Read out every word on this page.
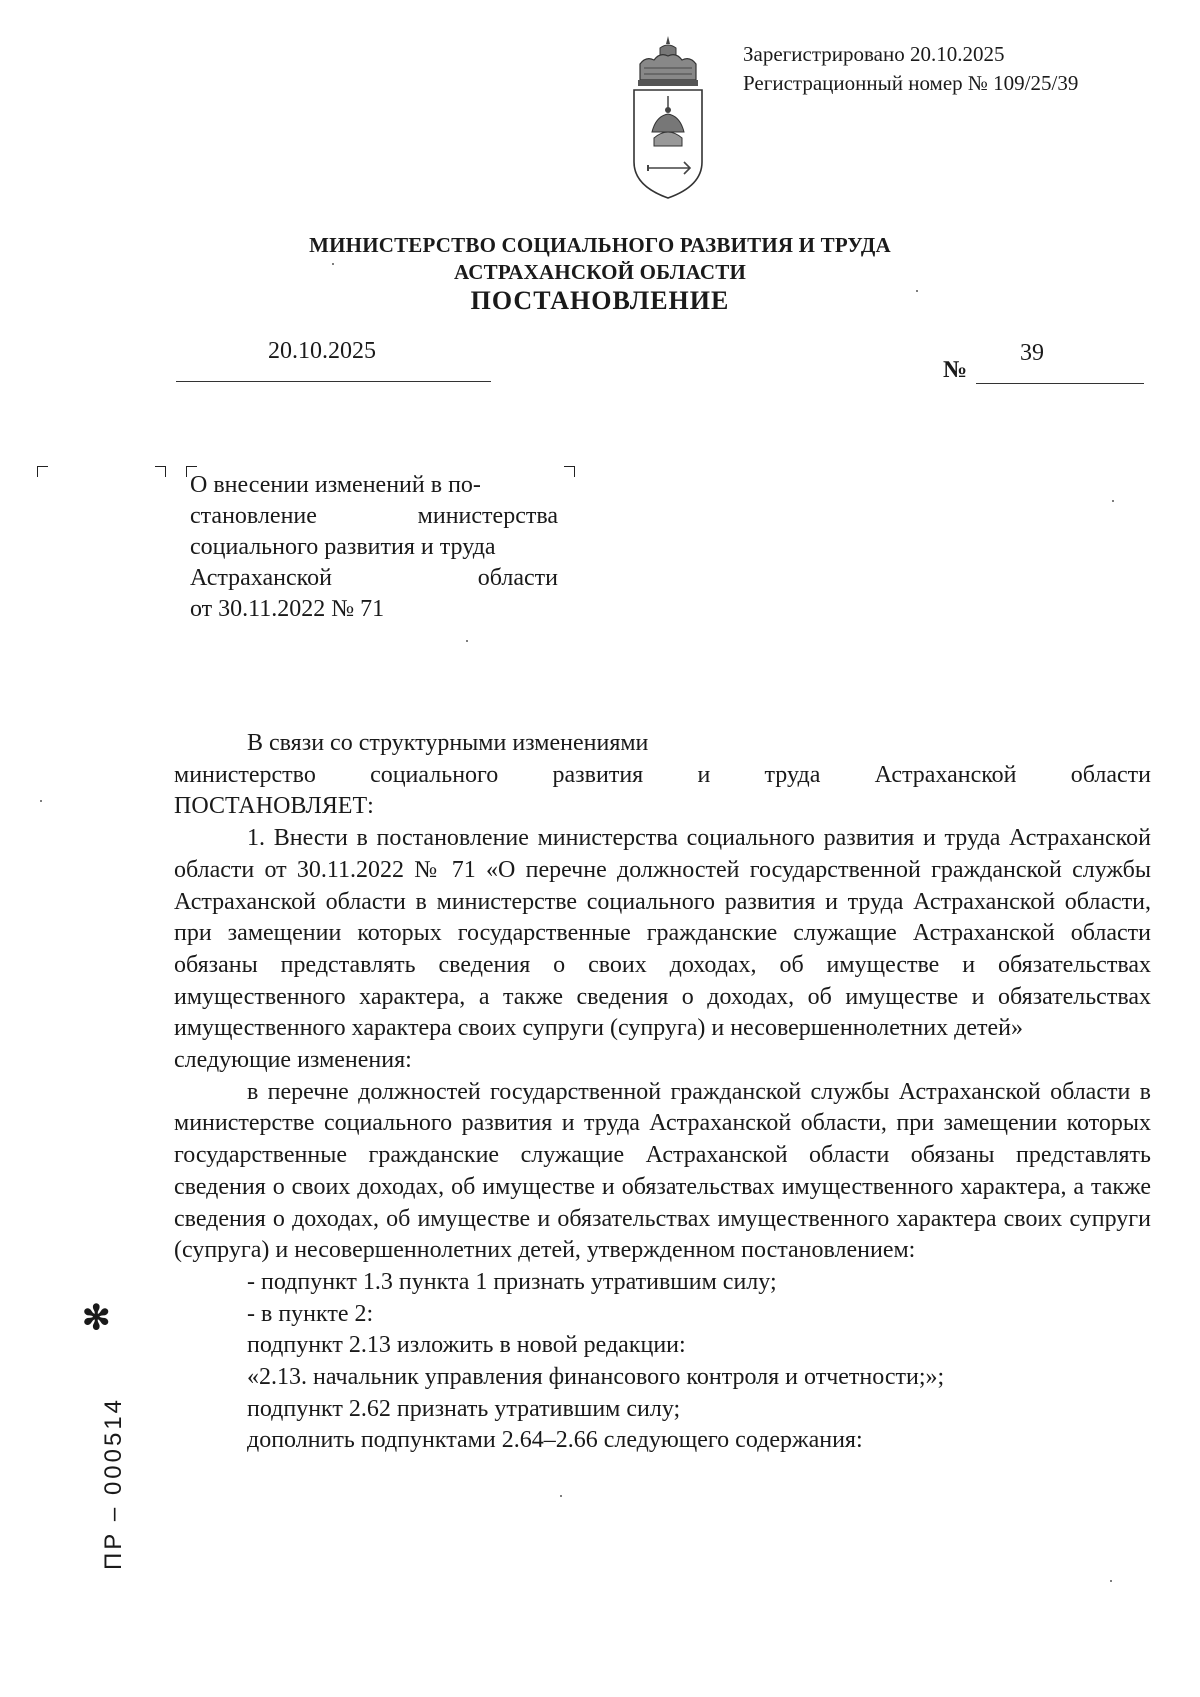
Зарегистрировано 20.10.2025
Регистрационный номер № 109/25/39
МИНИСТЕРСТВО СОЦИАЛЬНОГО РАЗВИТИЯ И ТРУДА
АСТРАХАНСКОЙ ОБЛАСТИ
ПОСТАНОВЛЕНИЕ
20.10.2025
№
39
О внесении изменений в по-
становление министерства
социального развития и труда
Астраханской области
от 30.11.2022 № 71

В связи со структурными изменениями

министерство социального развития и труда Астраханской области

ПОСТАНОВЛЯЕТ:

1. Внести в постановление министерства социального развития и труда Астраханской области от 30.11.2022 № 71 «О перечне должностей государственной гражданской службы Астраханской области в министерстве социального развития и труда Астраханской области, при замещении которых государственные гражданские служащие Астраханской области обязаны представлять сведения о своих доходах, об имуществе и обязательствах имущественного характера, а также сведения о доходах, об имуществе и обязательствах имущественного характера своих супруги (супруга) и несовершеннолетних детей»

следующие изменения:

в перечне должностей государственной гражданской службы Астраханской области в министерстве социального развития и труда Астраханской области, при замещении которых государственные гражданские служащие Астраханской области обязаны представлять сведения о своих доходах, об имуществе и обязательствах имущественного характера, а также сведения о доходах, об имуществе и обязательствах имущественного характера своих супруги (супруга) и несовершеннолетних детей, утвержденном постановлением:

- подпункт 1.3 пункта 1 признать утратившим силу;

- в пункте 2:

подпункт 2.13 изложить в новой редакции:

«2.13. начальник управления финансового контроля и отчетности;»;

подпункт 2.62 признать утратившим силу;

дополнить подпунктами 2.64–2.66 следующего содержания:

✻
ПР – 000514
